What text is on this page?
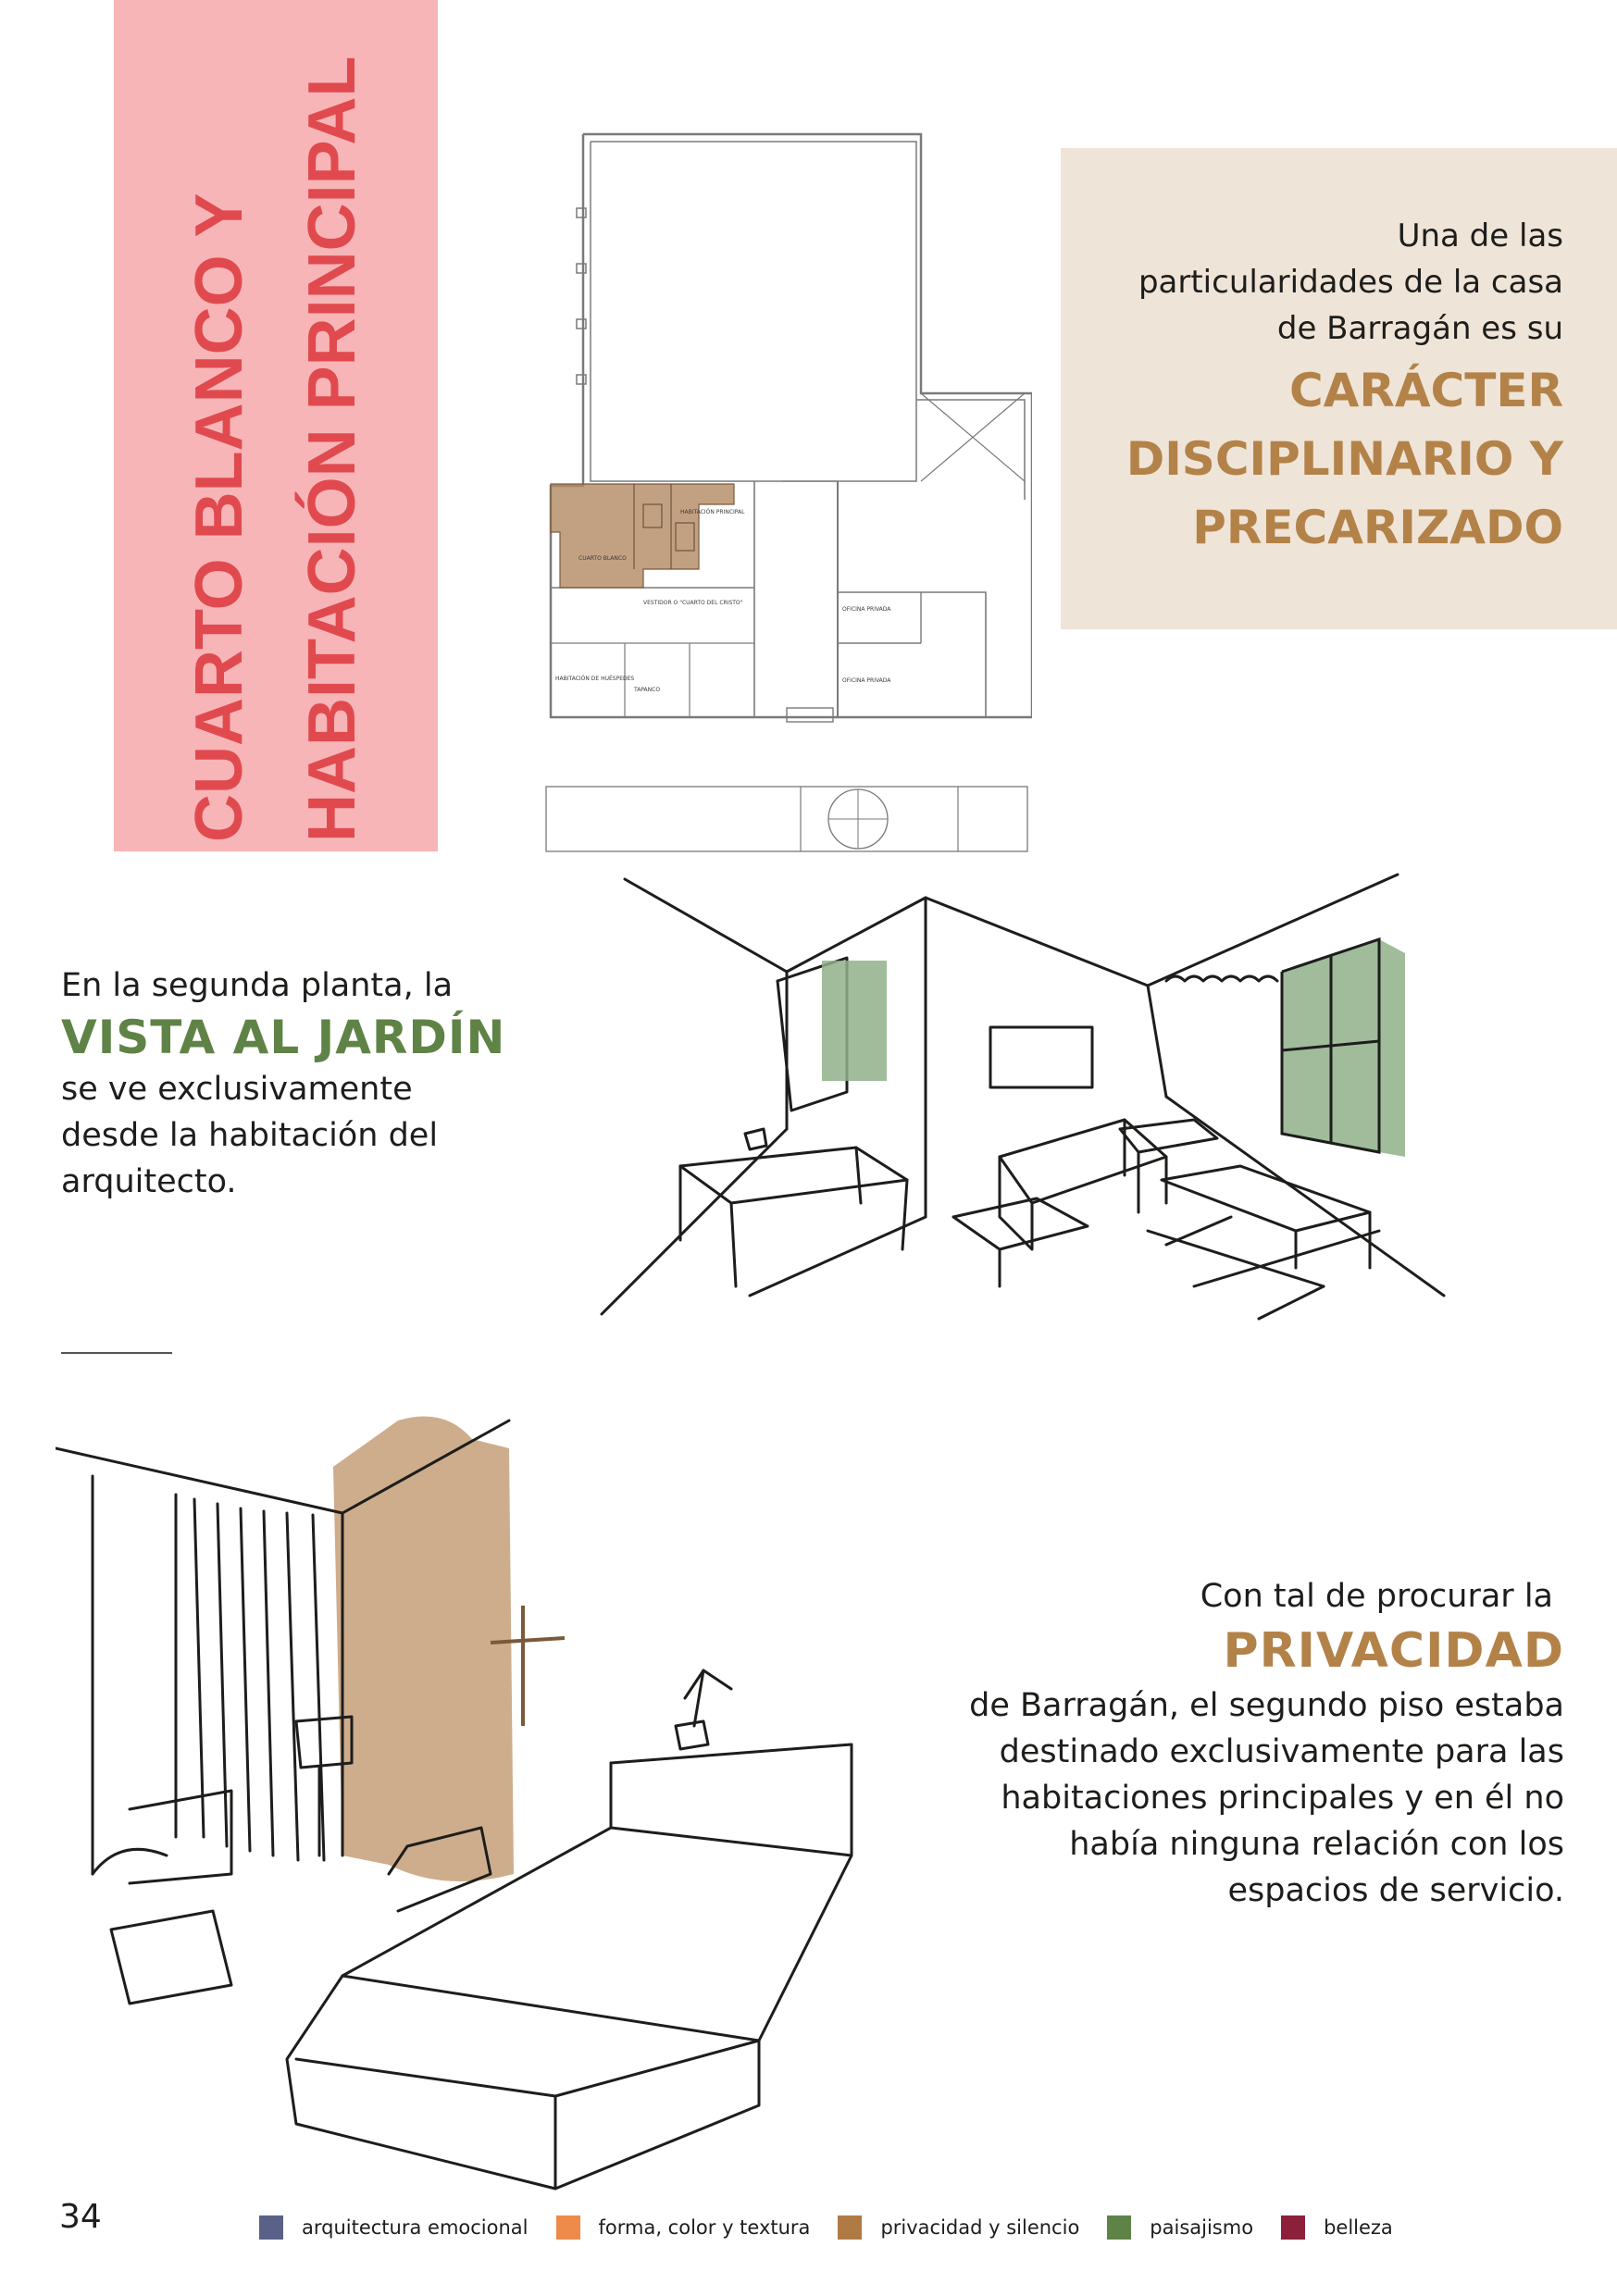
CUARTO BLANCO Y HABITACIÓN PRINCIPAL	HABITACIÓN PRINCIPAL
CUARTO BLANCO
VESTIDOR O "CUARTO DEL CRISTO"
HABITACIÓN DE HUÉSPEDES
TAPANCO
OFICINA PRIVADA
OFICINA PRIVADA
Una de las
particularidades de la casa
de Barragán es su
CARÁCTER
DISCIPLINARIO Y
PRECARIZADO
En la segunda planta, la
VISTA AL JARDÍN
se ve exclusivamente
desde la habitación del
arquitecto.
Con tal de procurar la
PRIVACIDAD
de Barragán, el segundo piso estaba
destinado exclusivamente para las
habitaciones principales y en él no
había ninguna relación con los
espacios de servicio.
34	arquitectura emocional	forma, color y textura	privacidad y silencio	paisajismo	belleza
